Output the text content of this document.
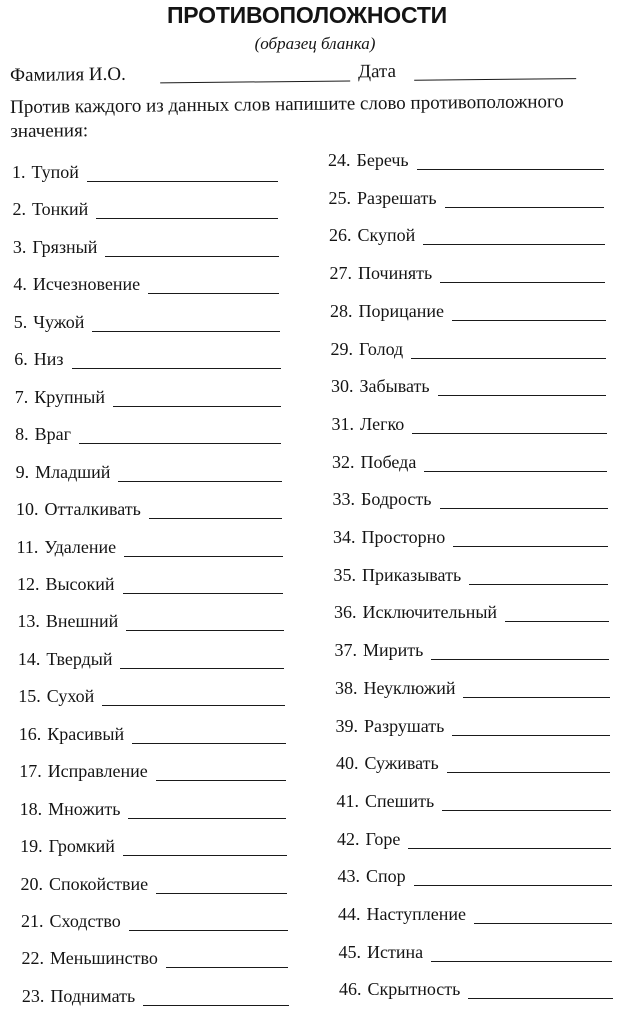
ПРОТИВОПОЛОЖНОСТИ
(образец бланка)
Фамилия И.О.	Дата
Против каждого из данных слов напишите слово противоположного
значения:
1. Тупой
2. Тонкий
3. Грязный
4. Исчезновение
5. Чужой
6. Низ
7. Крупный
8. Враг
9. Младший
10. Отталкивать
11. Удаление
12. Высокий
13. Внешний
14. Твердый
15. Сухой
16. Красивый
17. Исправление
18. Множить
19. Громкий
20. Спокойствие
21. Сходство
22. Меньшинство
23. Поднимать
24. Беречь
25. Разрешать
26. Скупой
27. Починять
28. Порицание
29. Голод
30. Забывать
31. Легко
32. Победа
33. Бодрость
34. Просторно
35. Приказывать
36. Исключительный
37. Мирить
38. Неуклюжий
39. Разрушать
40. Суживать
41. Спешить
42. Горе
43. Спор
44. Наступление
45. Истина
46. Скрытность
